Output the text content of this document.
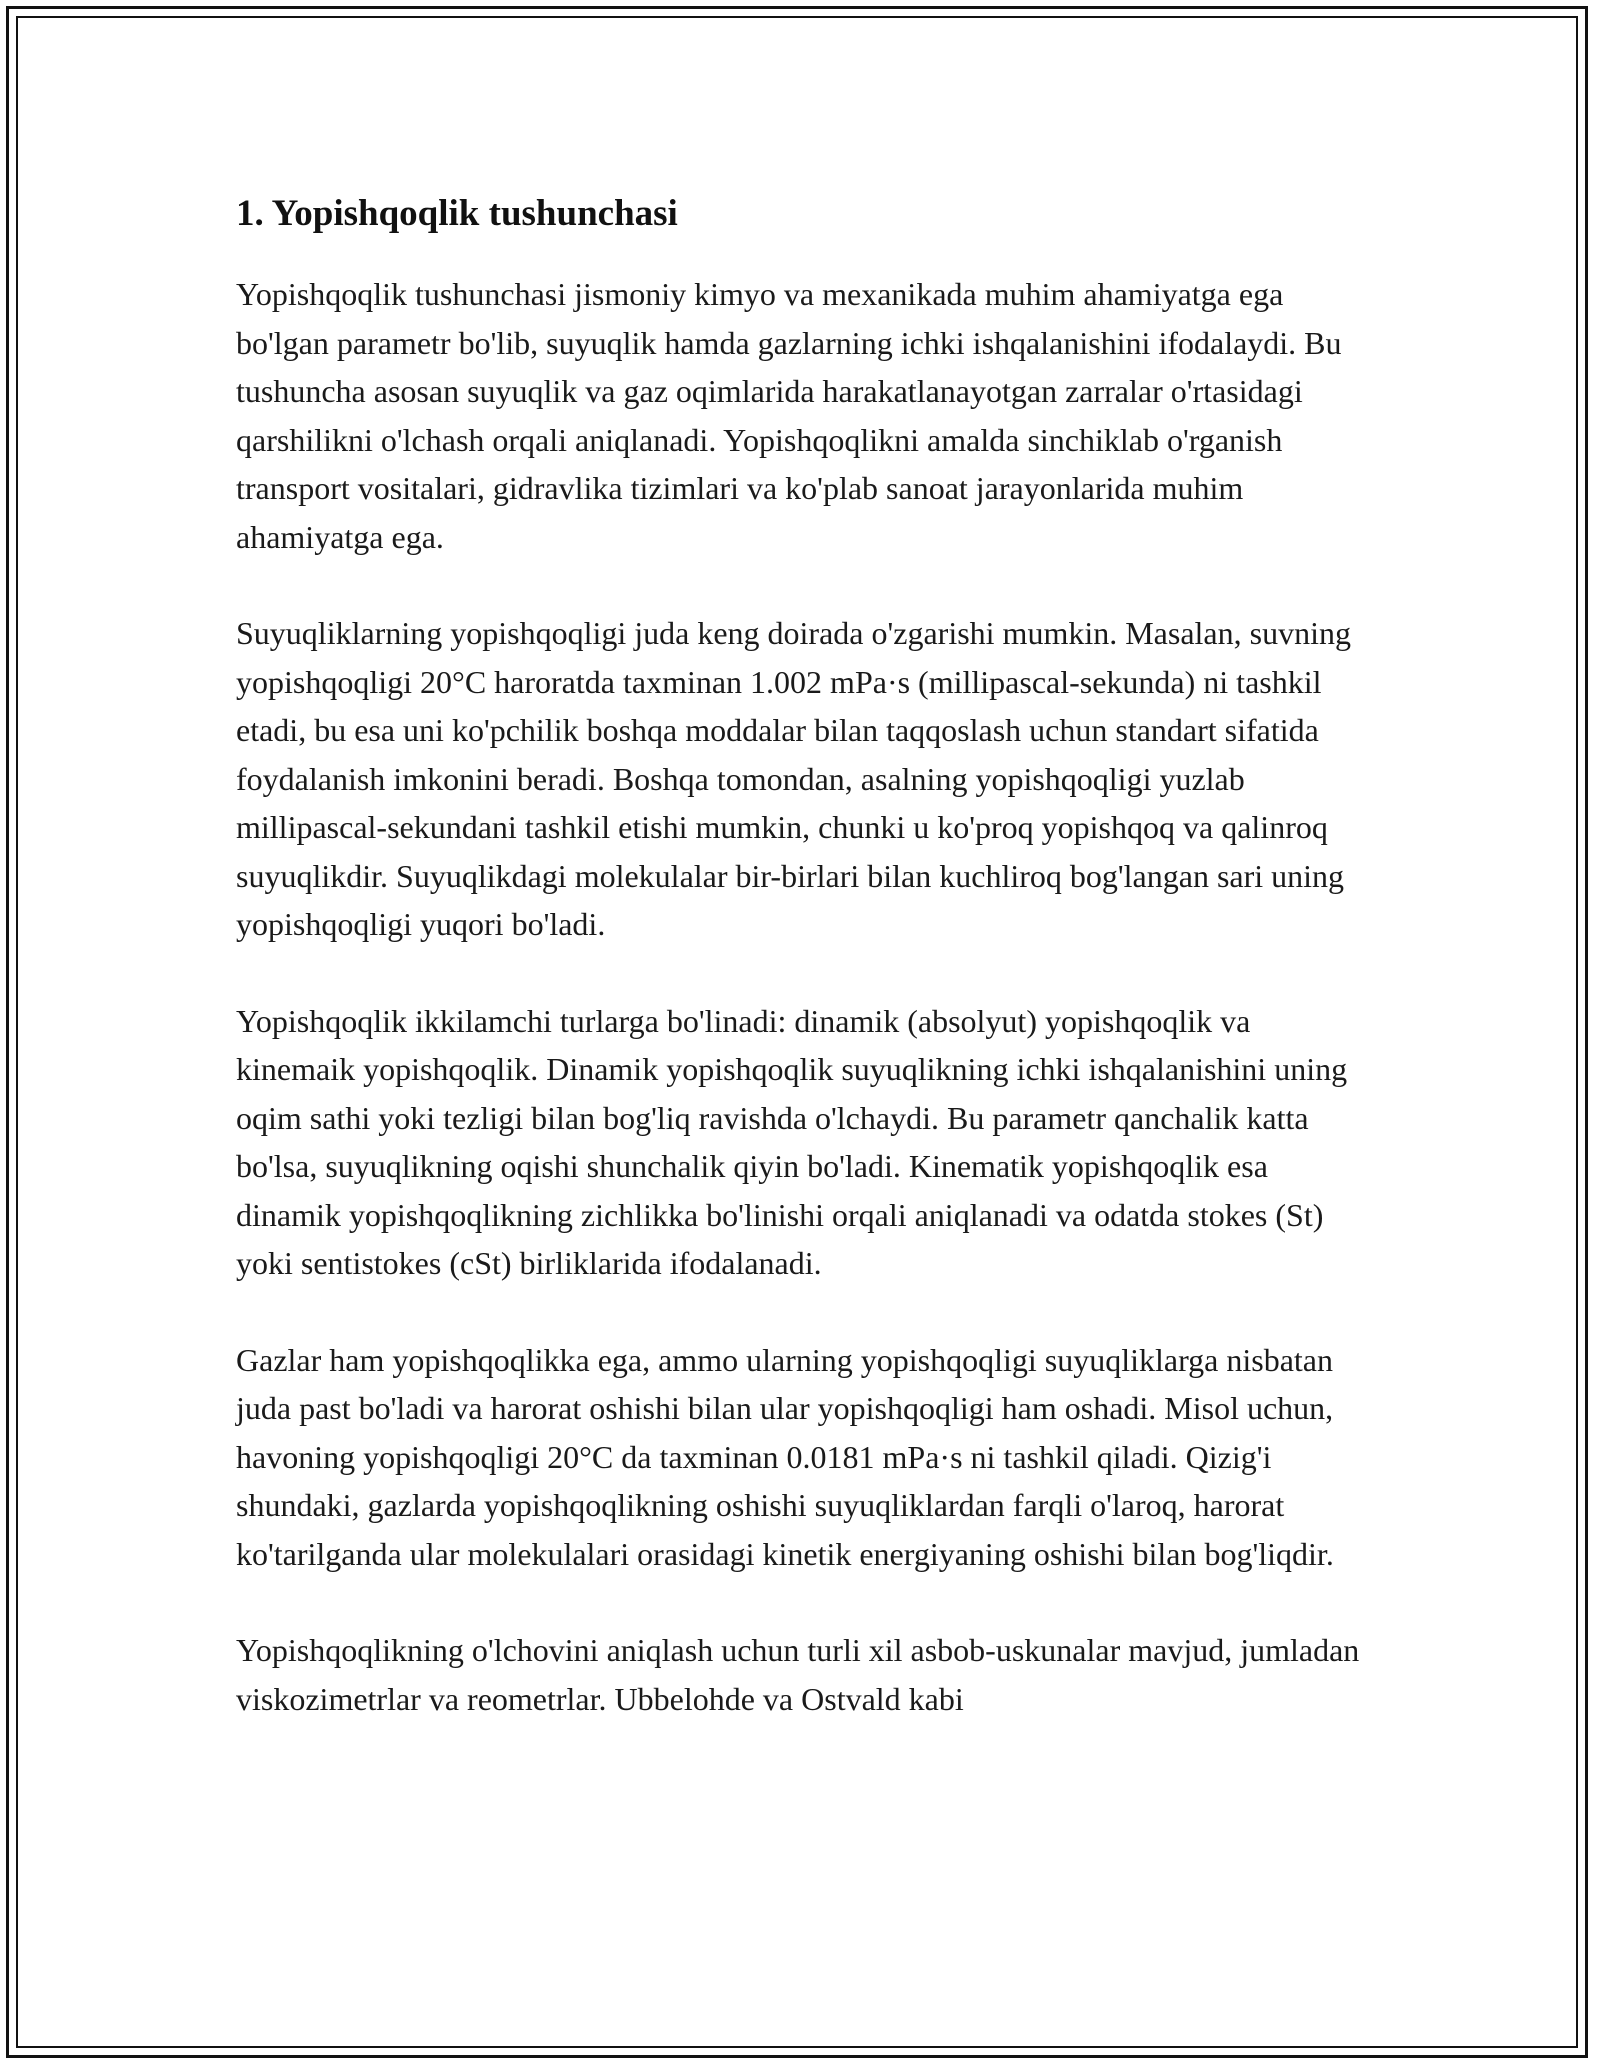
1. Yopishqoqlik tushunchasi

Yopishqoqlik tushunchasi jismoniy kimyo va mexanikada muhim ahamiyatga ega bo'lgan parametr bo'lib, suyuqlik hamda gazlarning ichki ishqalanishini ifodalaydi. Bu tushuncha asosan suyuqlik va gaz oqimlarida harakatlanayotgan zarralar o'rtasidagi qarshilikni o'lchash orqali aniqlanadi. Yopishqoqlikni amalda sinchiklab o'rganish transport vositalari, gidravlika tizimlari va ko'plab sanoat jarayonlarida muhim ahamiyatga ega.

Suyuqliklarning yopishqoqligi juda keng doirada o'zgarishi mumkin. Masalan, suvning yopishqoqligi 20°C haroratda taxminan 1.002 mPa·s (millipascal-sekunda) ni tashkil etadi, bu esa uni ko'pchilik boshqa moddalar bilan taqqoslash uchun standart sifatida foydalanish imkonini beradi. Boshqa tomondan, asalning yopishqoqligi yuzlab millipascal-sekundani tashkil etishi mumkin, chunki u ko'proq yopishqoq va qalinroq suyuqlikdir. Suyuqlikdagi molekulalar bir-birlari bilan kuchliroq bog'langan sari uning yopishqoqligi yuqori bo'ladi.

Yopishqoqlik ikkilamchi turlarga bo'linadi: dinamik (absolyut) yopishqoqlik va kinemaik yopishqoqlik. Dinamik yopishqoqlik suyuqlikning ichki ishqalanishini uning oqim sathi yoki tezligi bilan bog'liq ravishda o'lchaydi. Bu parametr qanchalik katta bo'lsa, suyuqlikning oqishi shunchalik qiyin bo'ladi. Kinematik yopishqoqlik esa dinamik yopishqoqlikning zichlikka bo'linishi orqali aniqlanadi va odatda stokes (St) yoki sentistokes (cSt) birliklarida ifodalanadi.

Gazlar ham yopishqoqlikka ega, ammo ularning yopishqoqligi suyuqliklarga nisbatan juda past bo'ladi va harorat oshishi bilan ular yopishqoqligi ham oshadi. Misol uchun, havoning yopishqoqligi 20°C da taxminan 0.0181 mPa·s ni tashkil qiladi. Qizig'i shundaki, gazlarda yopishqoqlikning oshishi suyuqliklardan farqli o'laroq, harorat ko'tarilganda ular molekulalari orasidagi kinetik energiyaning oshishi bilan bog'liqdir.

Yopishqoqlikning o'lchovini aniqlash uchun turli xil asbob-uskunalar mavjud, jumladan viskozimetrlar va reometrlar. Ubbelohde va Ostvald kabi
